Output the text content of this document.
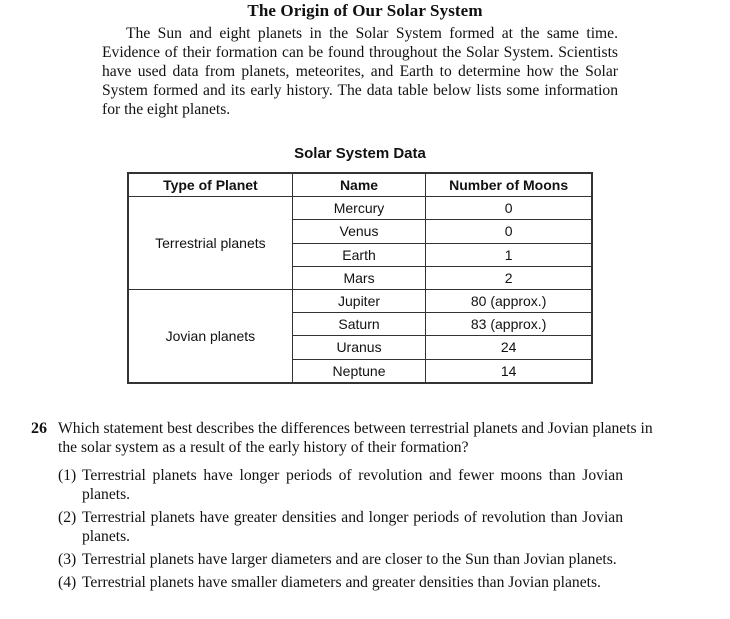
The Origin of Our Solar System
The Sun and eight planets in the Solar System formed at the same time. Evidence of their formation can be found throughout the Solar System. Scientists have used data from planets, meteorites, and Earth to determine how the Solar System formed and its early history. The data table below lists some information for the eight planets.
Solar System Data
Type of Planet	Name	Number of Moons
Terrestrial planets	Mercury	0
	Venus	0
	Earth	1
	Mars	2
Jovian planets	Jupiter	80 (approx.)
	Saturn	83 (approx.)
	Uranus	24
	Neptune	14
26 Which statement best describes the differences between terrestrial planets and Jovian planets in the solar system as a result of the early history of their formation?
(1) Terrestrial planets have longer periods of revolution and fewer moons than Jovian planets.
(2) Terrestrial planets have greater densities and longer periods of revolution than Jovian planets.
(3) Terrestrial planets have larger diameters and are closer to the Sun than Jovian planets.
(4) Terrestrial planets have smaller diameters and greater densities than Jovian planets.
